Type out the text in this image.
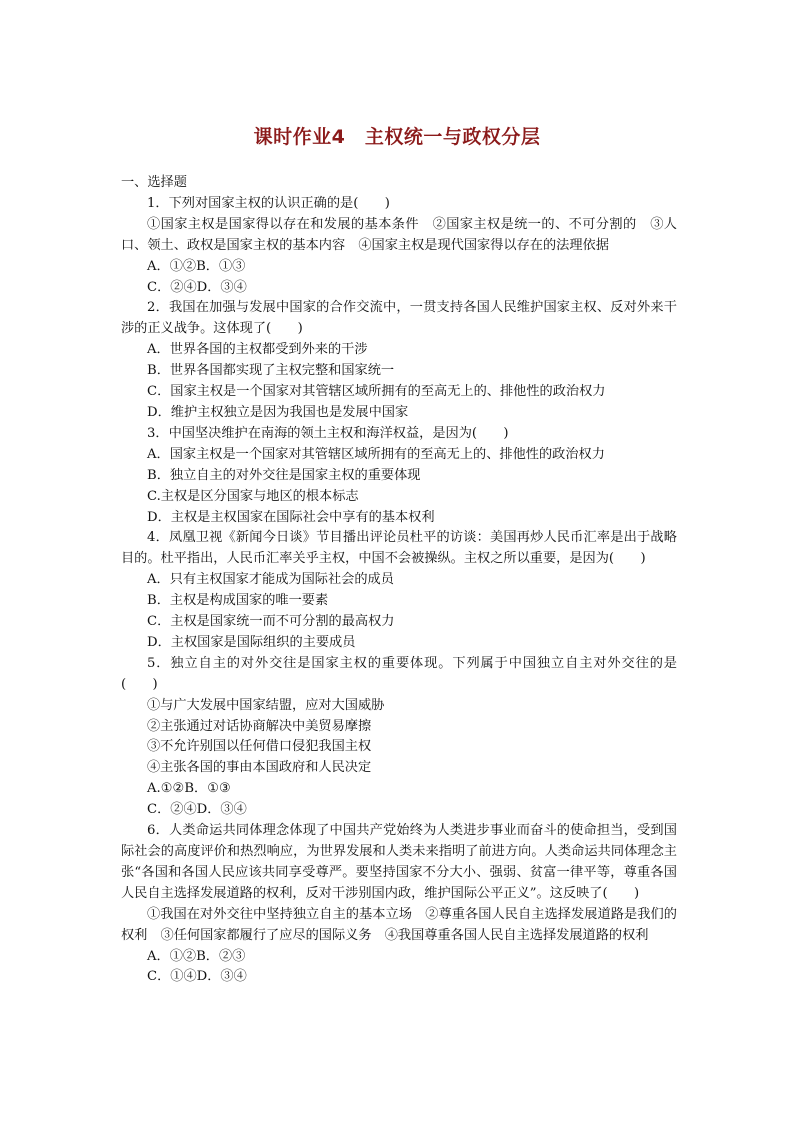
课时作业4　主权统一与政权分层

一、选择题

1．下列对国家主权的认识正确的是(　　)

①国家主权是国家得以存在和发展的基本条件　②国家主权是统一的、不可分割的　③人口、领土、政权是国家主权的基本内容　④国家主权是现代国家得以存在的法理依据

A．①②B．①③

C．②④D．③④

2．我国在加强与发展中国家的合作交流中，一贯支持各国人民维护国家主权、反对外来干涉的正义战争。这体现了(　　)

A．世界各国的主权都受到外来的干涉

B．世界各国都实现了主权完整和国家统一

C．国家主权是一个国家对其管辖区域所拥有的至高无上的、排他性的政治权力

D．维护主权独立是因为我国也是发展中国家

3．中国坚决维护在南海的领土主权和海洋权益，是因为(　　)

A．国家主权是一个国家对其管辖区域所拥有的至高无上的、排他性的政治权力

B．独立自主的对外交往是国家主权的重要体现

C.主权是区分国家与地区的根本标志

D．主权是主权国家在国际社会中享有的基本权利

4．凤凰卫视《新闻今日谈》节目播出评论员杜平的访谈：美国再炒人民币汇率是出于战略目的。杜平指出，人民币汇率关乎主权，中国不会被操纵。主权之所以重要，是因为(　　)

A．只有主权国家才能成为国际社会的成员

B．主权是构成国家的唯一要素

C．主权是国家统一而不可分割的最高权力

D．主权国家是国际组织的主要成员

5．独立自主的对外交往是国家主权的重要体现。下列属于中国独立自主对外交往的是(　　)

①与广大发展中国家结盟，应对大国威胁

②主张通过对话协商解决中美贸易摩擦

③不允许别国以任何借口侵犯我国主权

④主张各国的事由本国政府和人民决定

A.①②B．①③

C．②④D．③④

6．人类命运共同体理念体现了中国共产党始终为人类进步事业而奋斗的使命担当，受到国际社会的高度评价和热烈响应，为世界发展和人类未来指明了前进方向。人类命运共同体理念主张“各国和各国人民应该共同享受尊严。要坚持国家不分大小、强弱、贫富一律平等，尊重各国人民自主选择发展道路的权利，反对干涉别国内政，维护国际公平正义”。这反映了(　　)

①我国在对外交往中坚持独立自主的基本立场　②尊重各国人民自主选择发展道路是我们的权利　③任何国家都履行了应尽的国际义务　④我国尊重各国人民自主选择发展道路的权利

A．①②B．②③

C．①④D．③④
